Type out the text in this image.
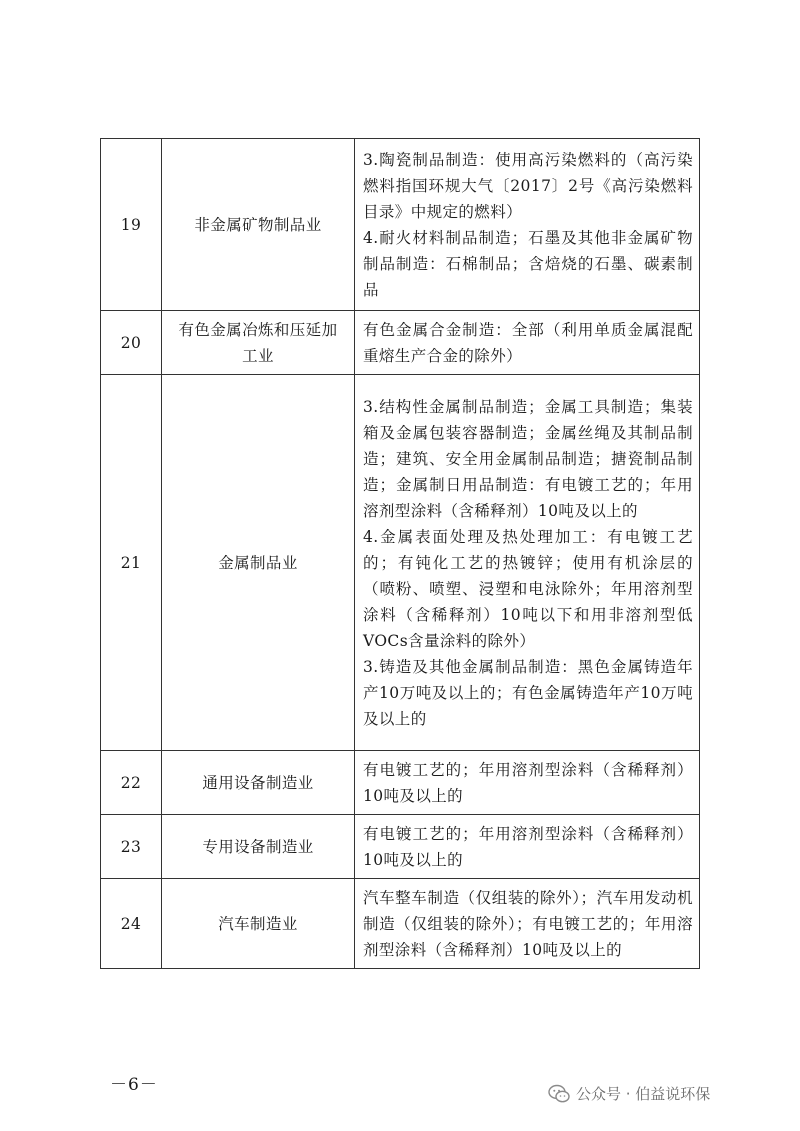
19	非金属矿物制品业	3.陶瓷制品制造：使用高污染燃料的（高污染燃料指国环规大气〔2017〕2号《高污染燃料目录》中规定的燃料）

4.耐火材料制品制造；石墨及其他非金属矿物制品制造：石棉制品；含焙烧的石墨、碳素制品

20	有色金属冶炼和压延加工业	有色金属合金制造：全部（利用单质金属混配重熔生产合金的除外）

21	金属制品业	3.结构性金属制品制造；金属工具制造；集装箱及金属包装容器制造；金属丝绳及其制品制造；建筑、安全用金属制品制造；搪瓷制品制造；金属制日用品制造：有电镀工艺的；年用溶剂型涂料（含稀释剂）10吨及以上的

4.金属表面处理及热处理加工：有电镀工艺的；有钝化工艺的热镀锌；使用有机涂层的（喷粉、喷塑、浸塑和电泳除外；年用溶剂型涂料（含稀释剂）10吨以下和用非溶剂型低VOCs含量涂料的除外）

3.铸造及其他金属制品制造：黑色金属铸造年产10万吨及以上的；有色金属铸造年产10万吨及以上的

22	通用设备制造业	有电镀工艺的；年用溶剂型涂料（含稀释剂）10吨及以上的

23	专用设备制造业	有电镀工艺的；年用溶剂型涂料（含稀释剂）10吨及以上的

24	汽车制造业	汽车整车制造（仅组装的除外）；汽车用发动机制造（仅组装的除外）；有电镀工艺的；年用溶剂型涂料（含稀释剂）10吨及以上的

－6－	公众号 · 伯益说环保
